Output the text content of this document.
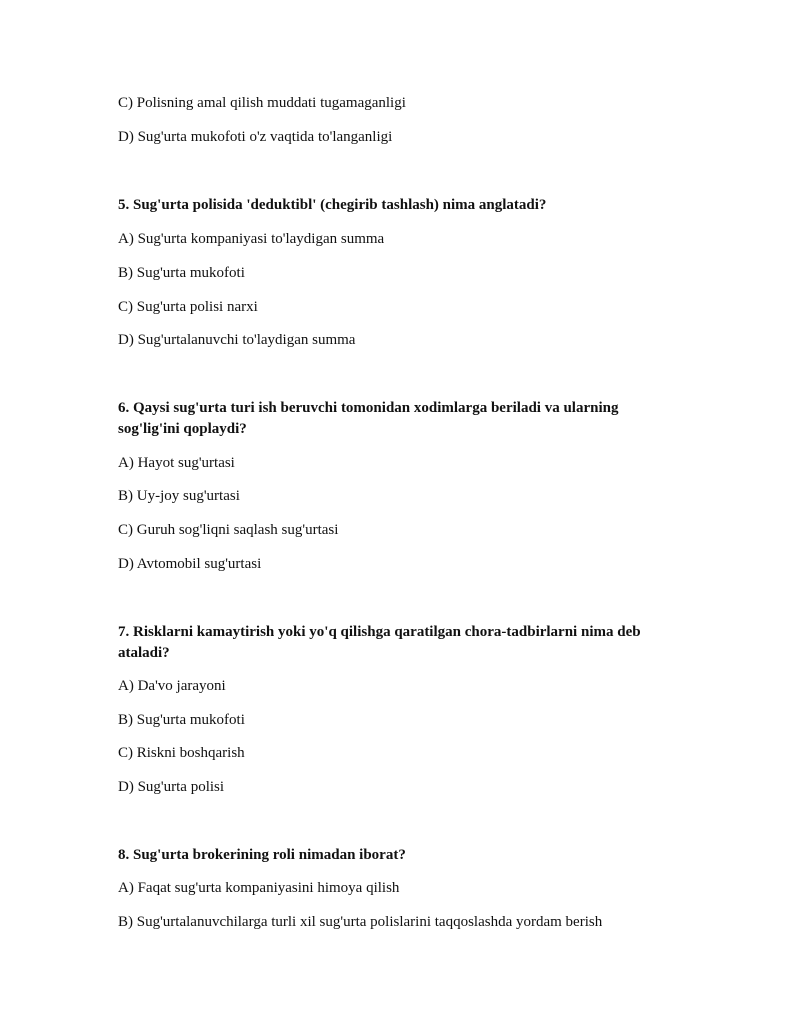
C) Polisning amal qilish muddati tugamaganligi
D) Sug'urta mukofoti o'z vaqtida to'langanligi
5. Sug'urta polisida 'deduktibl' (chegirib tashlash) nima anglatadi?
A) Sug'urta kompaniyasi to'laydigan summa
B) Sug'urta mukofoti
C) Sug'urta polisi narxi
D) Sug'urtalanuvchi to'laydigan summa
6. Qaysi sug'urta turi ish beruvchi tomonidan xodimlarga beriladi va ularning sog'lig'ini qoplaydi?
A) Hayot sug'urtasi
B) Uy-joy sug'urtasi
C) Guruh sog'liqni saqlash sug'urtasi
D) Avtomobil sug'urtasi
7. Risklarni kamaytirish yoki yo'q qilishga qaratilgan chora-tadbirlarni nima deb ataladi?
A) Da'vo jarayoni
B) Sug'urta mukofoti
C) Riskni boshqarish
D) Sug'urta polisi
8. Sug'urta brokerining roli nimadan iborat?
A) Faqat sug'urta kompaniyasini himoya qilish
B) Sug'urtalanuvchilarga turli xil sug'urta polislarini taqqoslashda yordam berish
